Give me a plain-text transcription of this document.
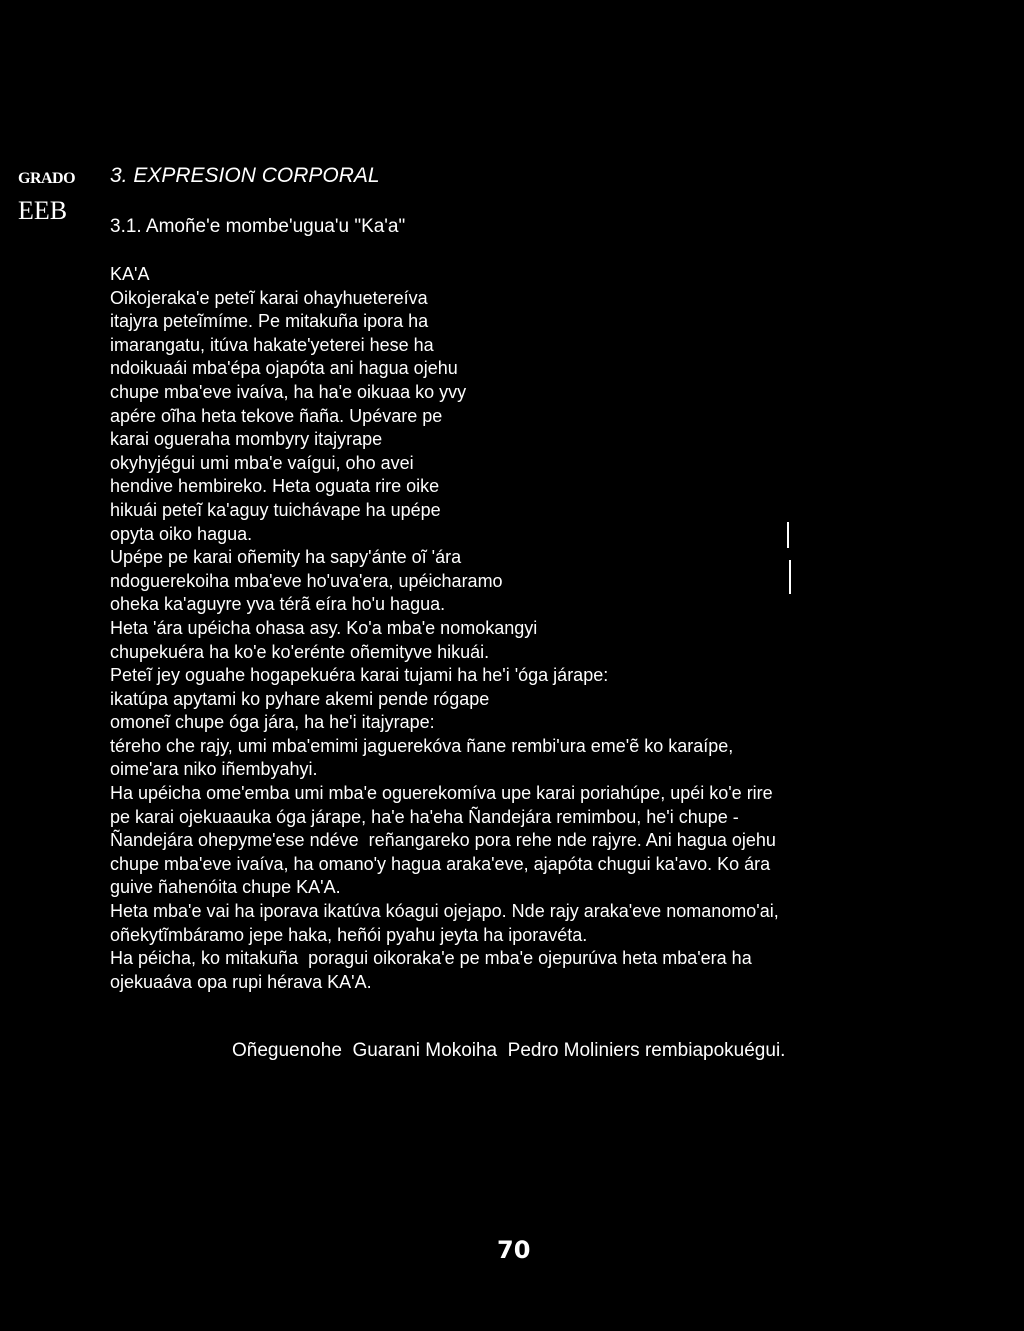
GRADO
EEB
3. EXPRESION CORPORAL
3.1. Amoñe'e mombe'ugua'u "Ka'a"
KA'A
Oikojeraka'e peteĩ karai ohayhuetereíva
itajyra peteĩmíme. Pe mitakuña ipora ha
imarangatu, itúva hakate'yeterei hese ha
ndoikuaái mba'épa ojapóta ani hagua ojehu
chupe mba'eve ivaíva, ha ha'e oikuaa ko yvy
apére oĩha heta tekove ñaña. Upévare pe
karai ogueraha mombyry itajyrape
okyhyjégui umi mba'e vaígui, oho avei
hendive hembireko. Heta oguata rire oike
hikuái peteĩ ka'aguy tuichávape ha upépe
opyta oiko hagua.
Upépe pe karai oñemity ha sapy'ánte oĩ 'ára
ndoguerekoiha mba'eve ho'uva'era, upéicharamo
oheka ka'aguyre yva térã eíra ho'u hagua.
Heta 'ára upéicha ohasa asy. Ko'a mba'e nomokangyi
chupekuéra ha ko'e ko'erénte oñemityve hikuái.
Peteĩ jey oguahe hogapekuéra karai tujami ha he'i 'óga járape:
ikatúpa apytami ko pyhare akemi pende rógape
omoneĩ chupe óga jára, ha he'i itajyrape:
téreho che rajy, umi mba'emimi jaguerekóva ñane rembi'ura eme'ẽ ko karaípe,
oime'ara niko iñembyahyi.
Ha upéicha ome'emba umi mba'e oguerekomíva upe karai poriahúpe, upéi ko'e rire
pe karai ojekuaauka óga járape, ha'e ha'eha Ñandejára remimbou, he'i chupe -
Ñandejára ohepyme'ese ndéve  reñangareko pora rehe nde rajyre. Ani hagua ojehu
chupe mba'eve ivaíva, ha omano'y hagua araka'eve, ajapóta chugui ka'avo. Ko ára
guive ñahenóita chupe KA'A.
Heta mba'e vai ha iporava ikatúva kóagui ojejapo. Nde rajy araka'eve nomanomo'ai,
oñekytĩmbáramo jepe haka, heñói pyahu jeyta ha iporavéta.
Ha péicha, ko mitakuña  poragui oikoraka'e pe mba'e ojepurúva heta mba'era ha
ojekuaáva opa rupi hérava KA'A.
Oñeguenohe  Guarani Mokoiha  Pedro Moliniers rembiapokuégui.
70
